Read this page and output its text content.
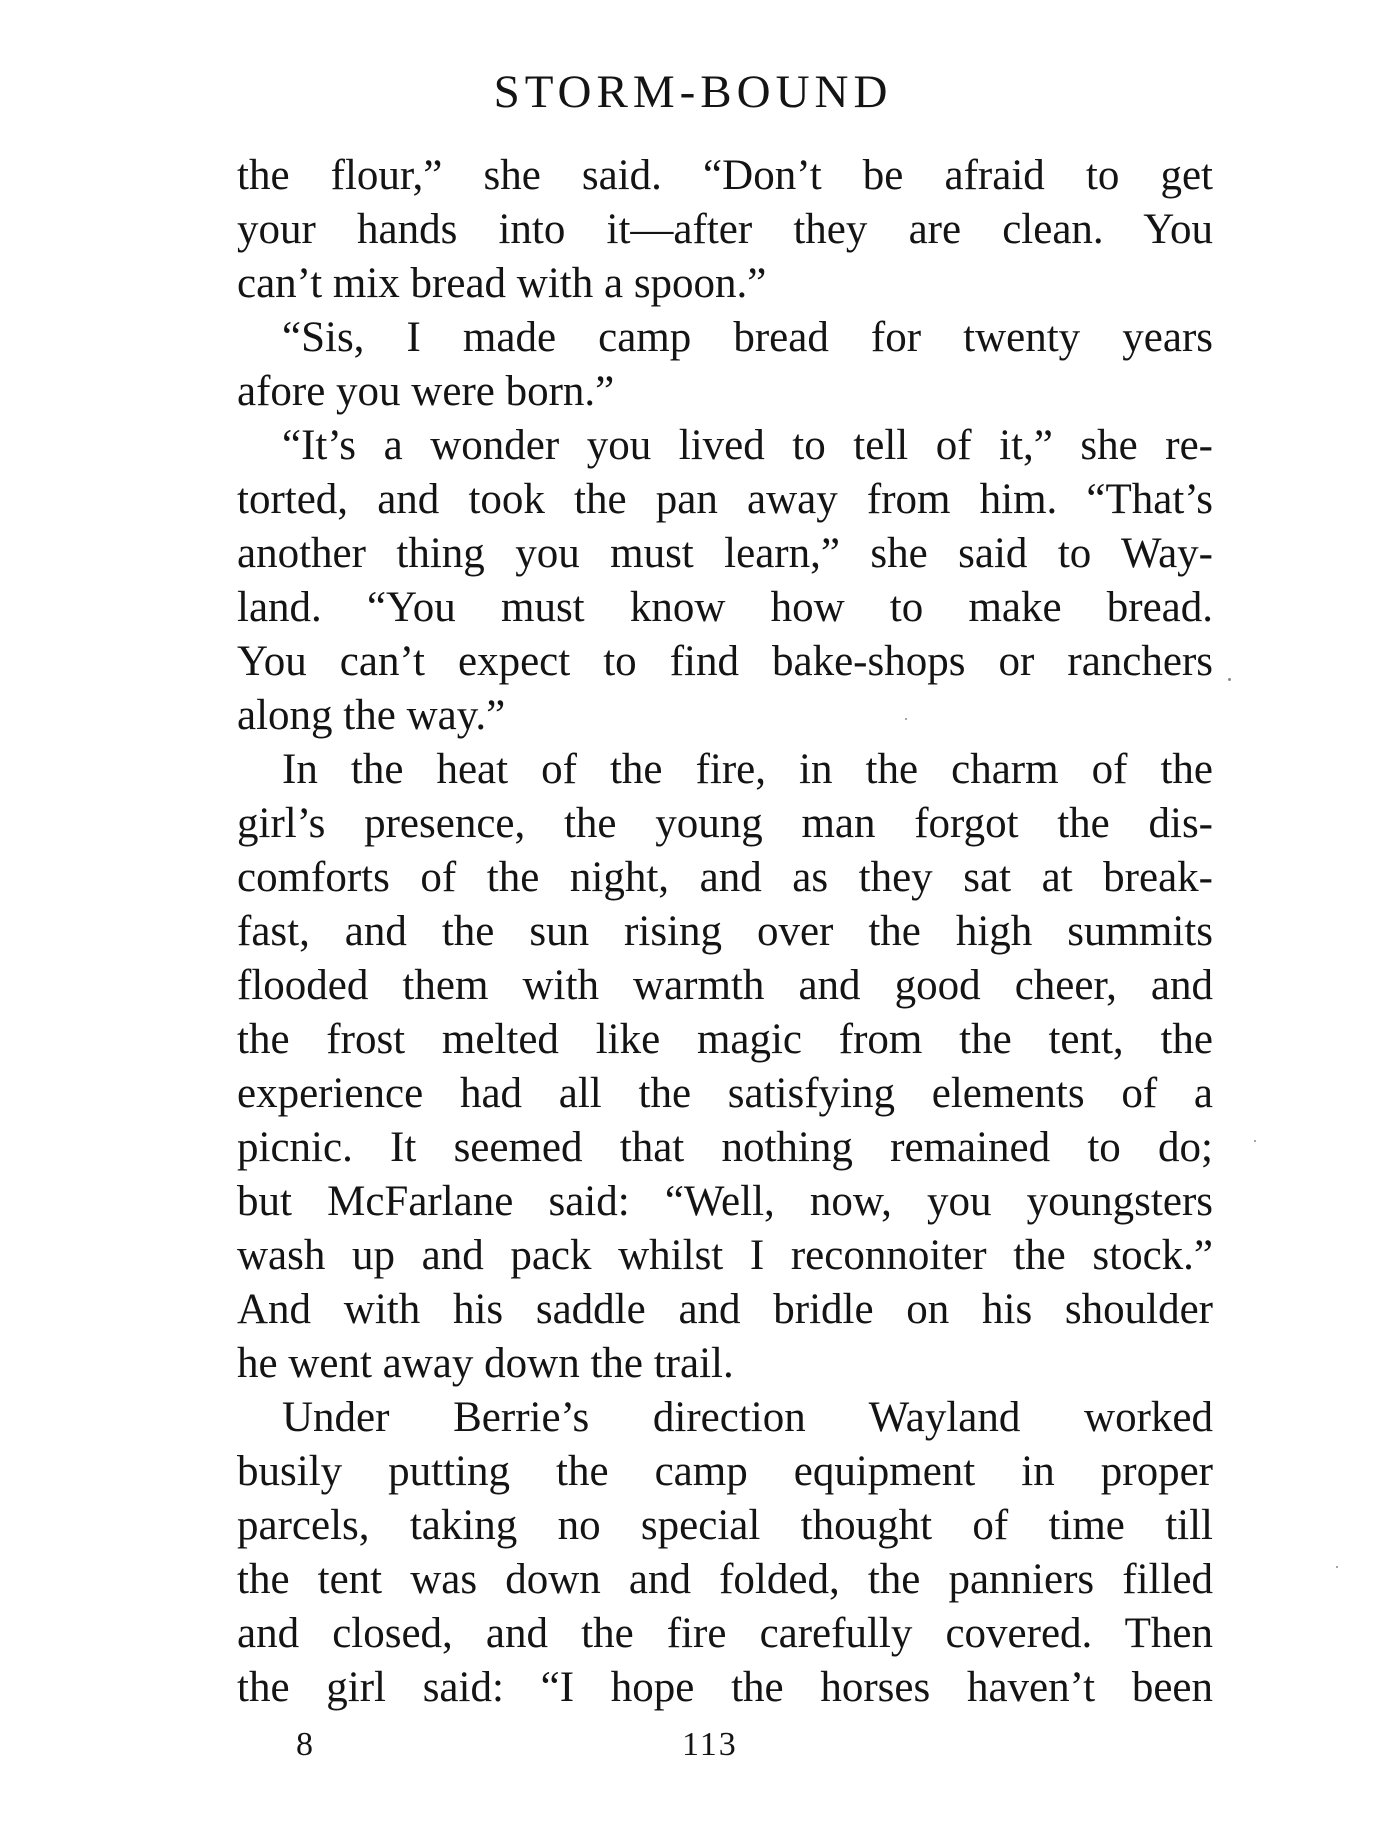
STORM-BOUND
the flour,” she said. “Don’t be afraid to get
your hands into it—after they are clean. You
can’t mix bread with a spoon.”
“Sis, I made camp bread for twenty years
afore you were born.”
“It’s a wonder you lived to tell of it,” she re-
torted, and took the pan away from him. “That’s
another thing you must learn,” she said to Way-
land. “You must know how to make bread.
You can’t expect to find bake-shops or ranchers
along the way.”
In the heat of the fire, in the charm of the
girl’s presence, the young man forgot the dis-
comforts of the night, and as they sat at break-
fast, and the sun rising over the high summits
flooded them with warmth and good cheer, and
the frost melted like magic from the tent, the
experience had all the satisfying elements of a
picnic. It seemed that nothing remained to do;
but McFarlane said: “Well, now, you youngsters
wash up and pack whilst I reconnoiter the stock.”
And with his saddle and bridle on his shoulder
he went away down the trail.
Under Berrie’s direction Wayland worked
busily putting the camp equipment in proper
parcels, taking no special thought of time till
the tent was down and folded, the panniers filled
and closed, and the fire carefully covered. Then
the girl said: “I hope the horses haven’t been
8	113
